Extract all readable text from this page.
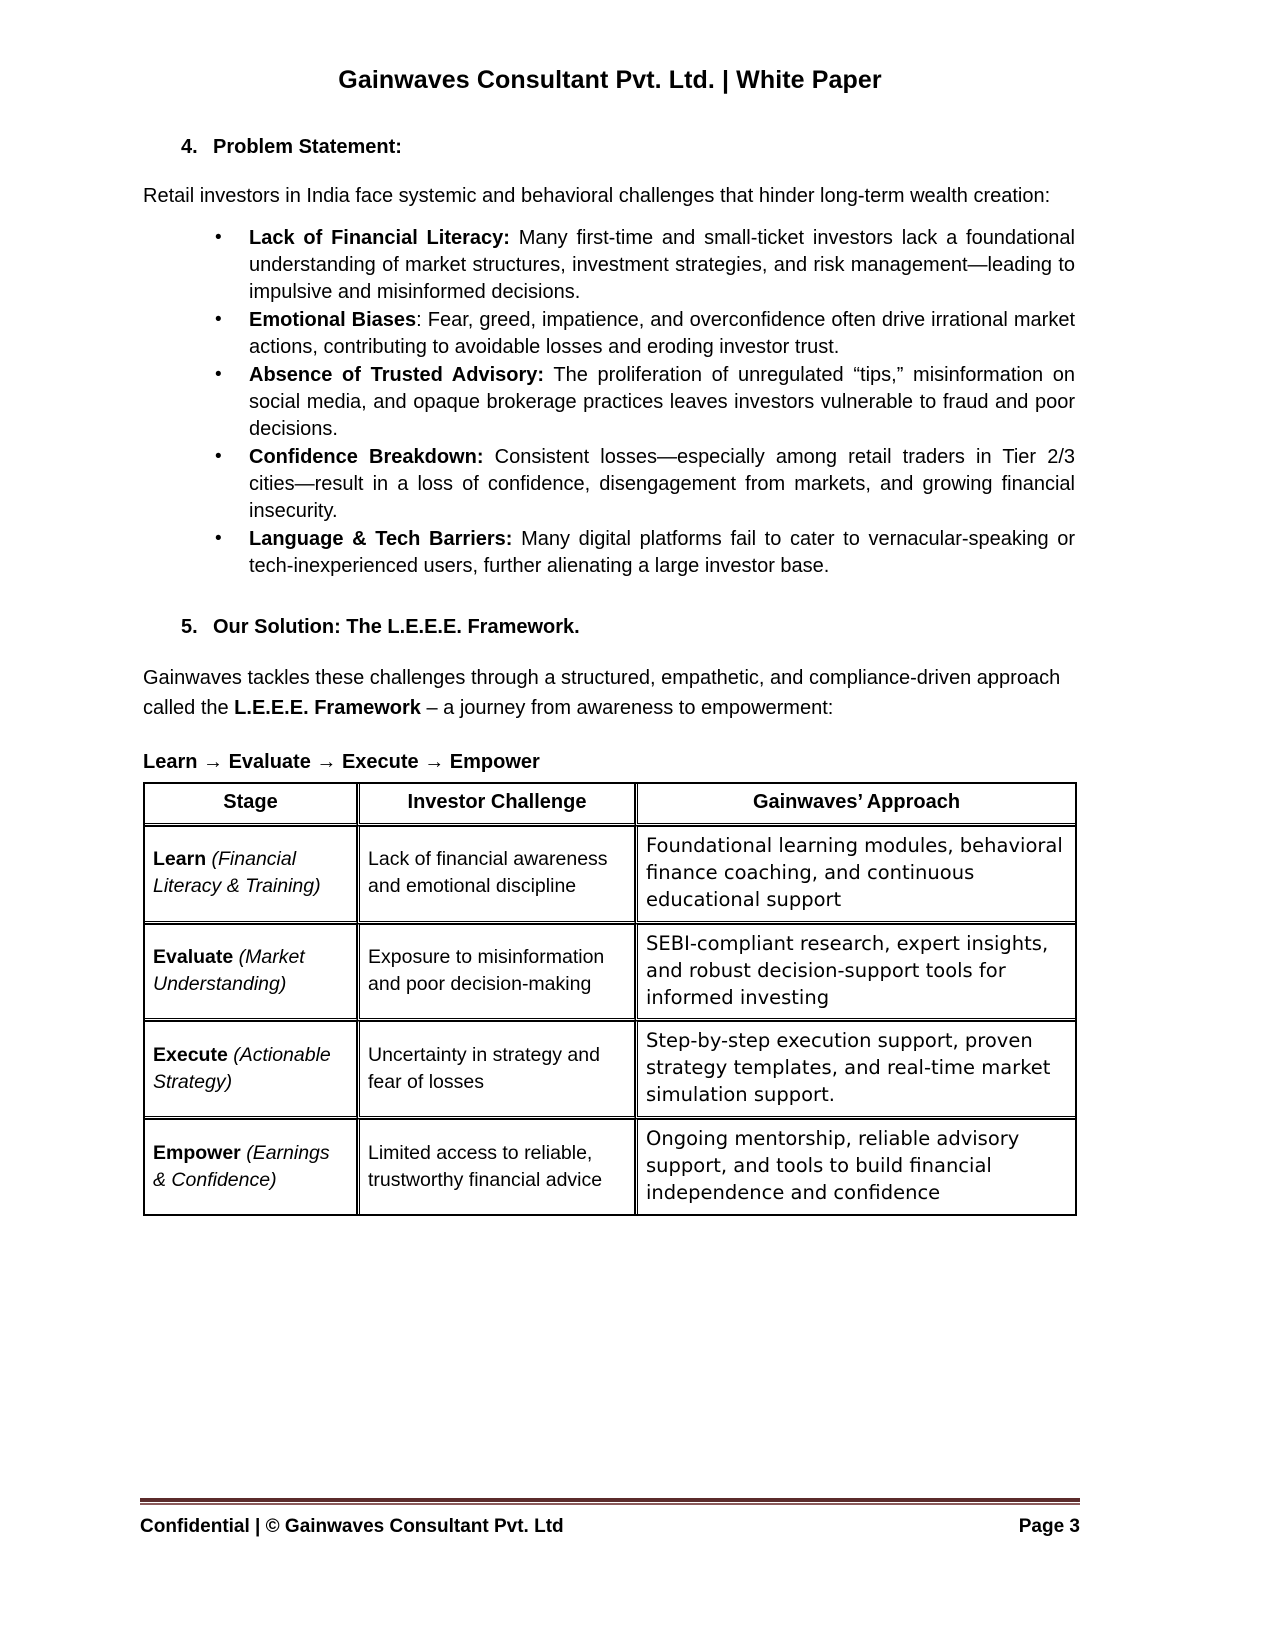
Gainwaves Consultant Pvt. Ltd. | White Paper
4. Problem Statement:

Retail investors in India face systemic and behavioral challenges that hinder long-term wealth creation:

• Lack of Financial Literacy: Many first-time and small-ticket investors lack a foundational understanding of market structures, investment strategies, and risk management—leading to impulsive and misinformed decisions.
• Emotional Biases: Fear, greed, impatience, and overconfidence often drive irrational market actions, contributing to avoidable losses and eroding investor trust.
• Absence of Trusted Advisory: The proliferation of unregulated “tips,” misinformation on social media, and opaque brokerage practices leaves investors vulnerable to fraud and poor decisions.
• Confidence Breakdown: Consistent losses—especially among retail traders in Tier 2/3 cities—result in a loss of confidence, disengagement from markets, and growing financial insecurity.
• Language & Tech Barriers: Many digital platforms fail to cater to vernacular-speaking or tech-inexperienced users, further alienating a large investor base.
5. Our Solution: The L.E.E.E. Framework.

Gainwaves tackles these challenges through a structured, empathetic, and compliance-driven approach called the L.E.E.E. Framework – a journey from awareness to empowerment:

Learn → Evaluate → Execute → Empower
Stage	Investor Challenge	Gainwaves’ Approach
Learn (Financial Literacy & Training)	Lack of financial awareness and emotional discipline	Foundational learning modules, behavioral finance coaching, and continuous educational support
Evaluate (Market Understanding)	Exposure to misinformation and poor decision-making	SEBI-compliant research, expert insights, and robust decision-support tools for informed investing
Execute (Actionable Strategy)	Uncertainty in strategy and fear of losses	Step-by-step execution support, proven strategy templates, and real-time market simulation support.
Empower (Earnings & Confidence)	Limited access to reliable, trustworthy financial advice	Ongoing mentorship, reliable advisory support, and tools to build financial independence and confidence
Confidential | © Gainwaves Consultant Pvt. Ltd	Page 3
